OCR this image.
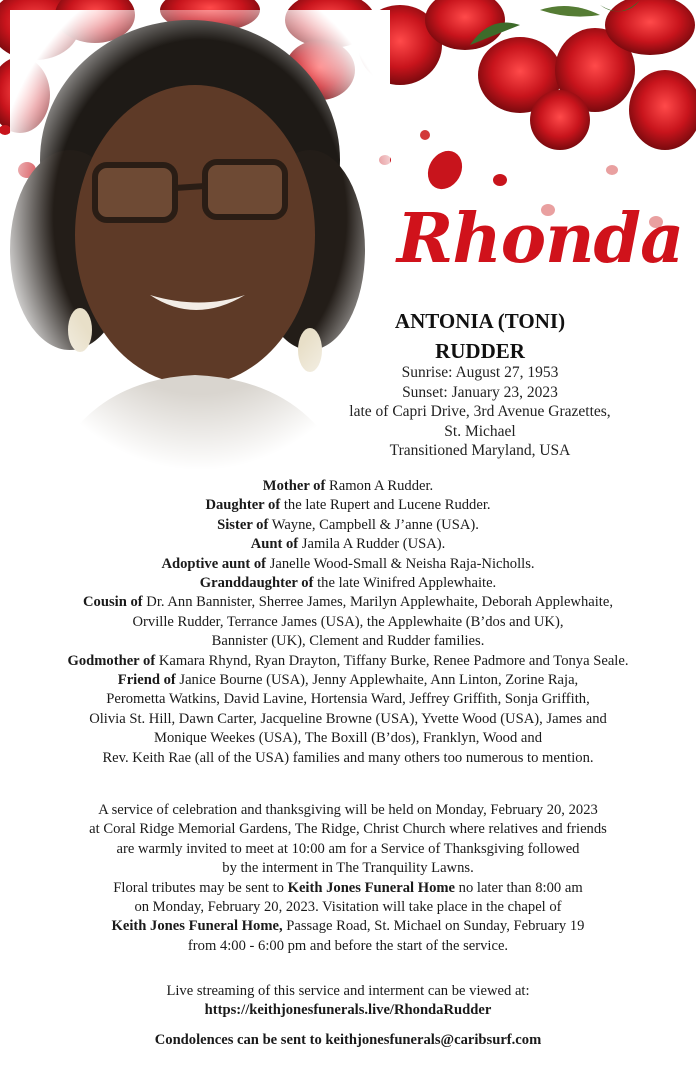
Rhonda
ANTONIA (TONI)
RUDDER
Sunrise: August 27, 1953
Sunset: January 23, 2023
late of Capri Drive, 3rd Avenue Grazettes,
St. Michael
Transitioned Maryland, USA
Mother of Ramon A Rudder.
Daughter of the late Rupert and Lucene Rudder.
Sister of Wayne, Campbell & J’anne (USA).
Aunt of Jamila A Rudder (USA).
Adoptive aunt of Janelle Wood-Small & Neisha Raja-Nicholls.
Granddaughter of the late Winifred Applewhaite.
Cousin of Dr. Ann Bannister, Sherree James, Marilyn Applewhaite, Deborah Applewhaite,
Orville Rudder, Terrance James (USA), the Applewhaite (B’dos and UK),
Bannister (UK), Clement and Rudder families.
Godmother of Kamara Rhynd, Ryan Drayton, Tiffany Burke, Renee Padmore and Tonya Seale.
Friend of Janice Bourne (USA), Jenny Applewhaite, Ann Linton, Zorine Raja,
Perometta Watkins, David Lavine, Hortensia Ward, Jeffrey Griffith, Sonja Griffith,
Olivia St. Hill, Dawn Carter, Jacqueline Browne (USA), Yvette Wood (USA), James and
Monique Weekes (USA), The Boxill (B’dos), Franklyn, Wood and
Rev. Keith Rae (all of the USA) families and many others too numerous to mention.
A service of celebration and thanksgiving will be held on Monday, February 20, 2023
at Coral Ridge Memorial Gardens, The Ridge, Christ Church where relatives and friends
are warmly invited to meet at 10:00 am for a Service of Thanksgiving followed
by the interment in The Tranquility Lawns.
Floral tributes may be sent to Keith Jones Funeral Home no later than 8:00 am
on Monday, February 20, 2023. Visitation will take place in the chapel of
Keith Jones Funeral Home, Passage Road, St. Michael on Sunday, February 19
from 4:00 - 6:00 pm and before the start of the service.
Live streaming of this service and interment can be viewed at:
https://keithjonesfunerals.live/RhondaRudder
Condolences can be sent to keithjonesfunerals@caribsurf.com
